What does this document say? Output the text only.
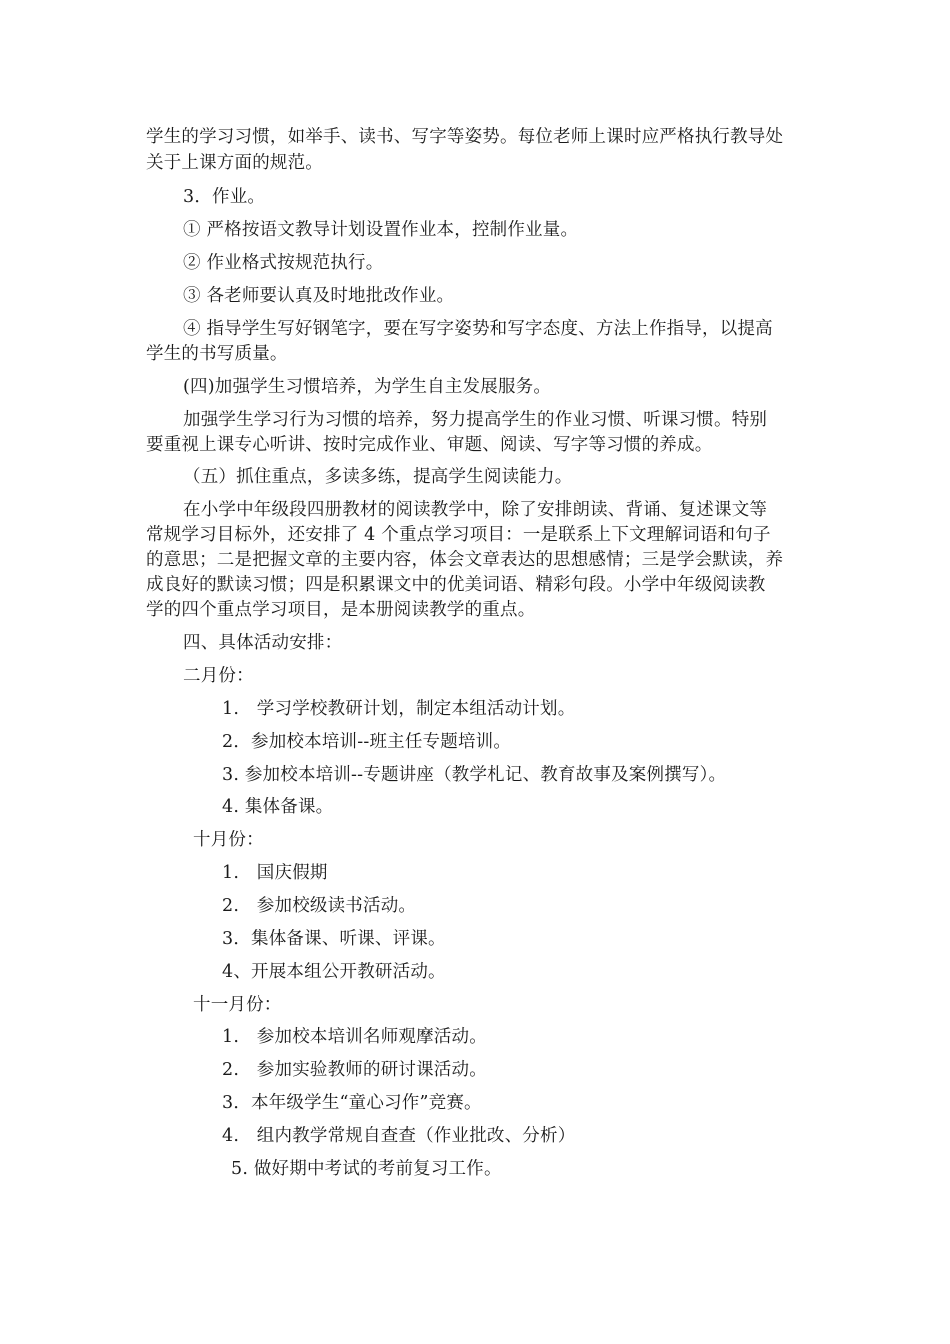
学生的学习习惯，如举手、读书、写字等姿势。每位老师上课时应严格执行教导处
关于上课方面的规范。
3．作业。
① 严格按语文教导计划设置作业本，控制作业量。
② 作业格式按规范执行。
③ 各老师要认真及时地批改作业。
④ 指导学生写好钢笔字，要在写字姿势和写字态度、方法上作指导，以提高
学生的书写质量。
(四)加强学生习惯培养，为学生自主发展服务。
加强学生学习行为习惯的培养，努力提高学生的作业习惯、听课习惯。特别
要重视上课专心听讲、按时完成作业、审题、阅读、写字等习惯的养成。
（五）抓住重点，多读多练，提高学生阅读能力。
在小学中年级段四册教材的阅读教学中，除了安排朗读、背诵、复述课文等
常规学习目标外，还安排了 4 个重点学习项目：一是联系上下文理解词语和句子
的意思；二是把握文章的主要内容，体会文章表达的思想感情；三是学会默读，养
成良好的默读习惯；四是积累课文中的优美词语、精彩句段。小学中年级阅读教
学的四个重点学习项目，是本册阅读教学的重点。
四、具体活动安排：
二月份：
1.　学习学校教研计划，制定本组活动计划。
2．参加校本培训--班主任专题培训。
3. 参加校本培训--专题讲座（教学札记、教育故事及案例撰写）。
4. 集体备课。
十月份：
1.　国庆假期
2.　参加校级读书活动。
3．集体备课、听课、评课。
4、开展本组公开教研活动。
十一月份：
1.　参加校本培训名师观摩活动。
2.　参加实验教师的研讨课活动。
3．本年级学生“童心习作”竞赛。
4.　组内教学常规自查查（作业批改、分析）
5. 做好期中考试的考前复习工作。
